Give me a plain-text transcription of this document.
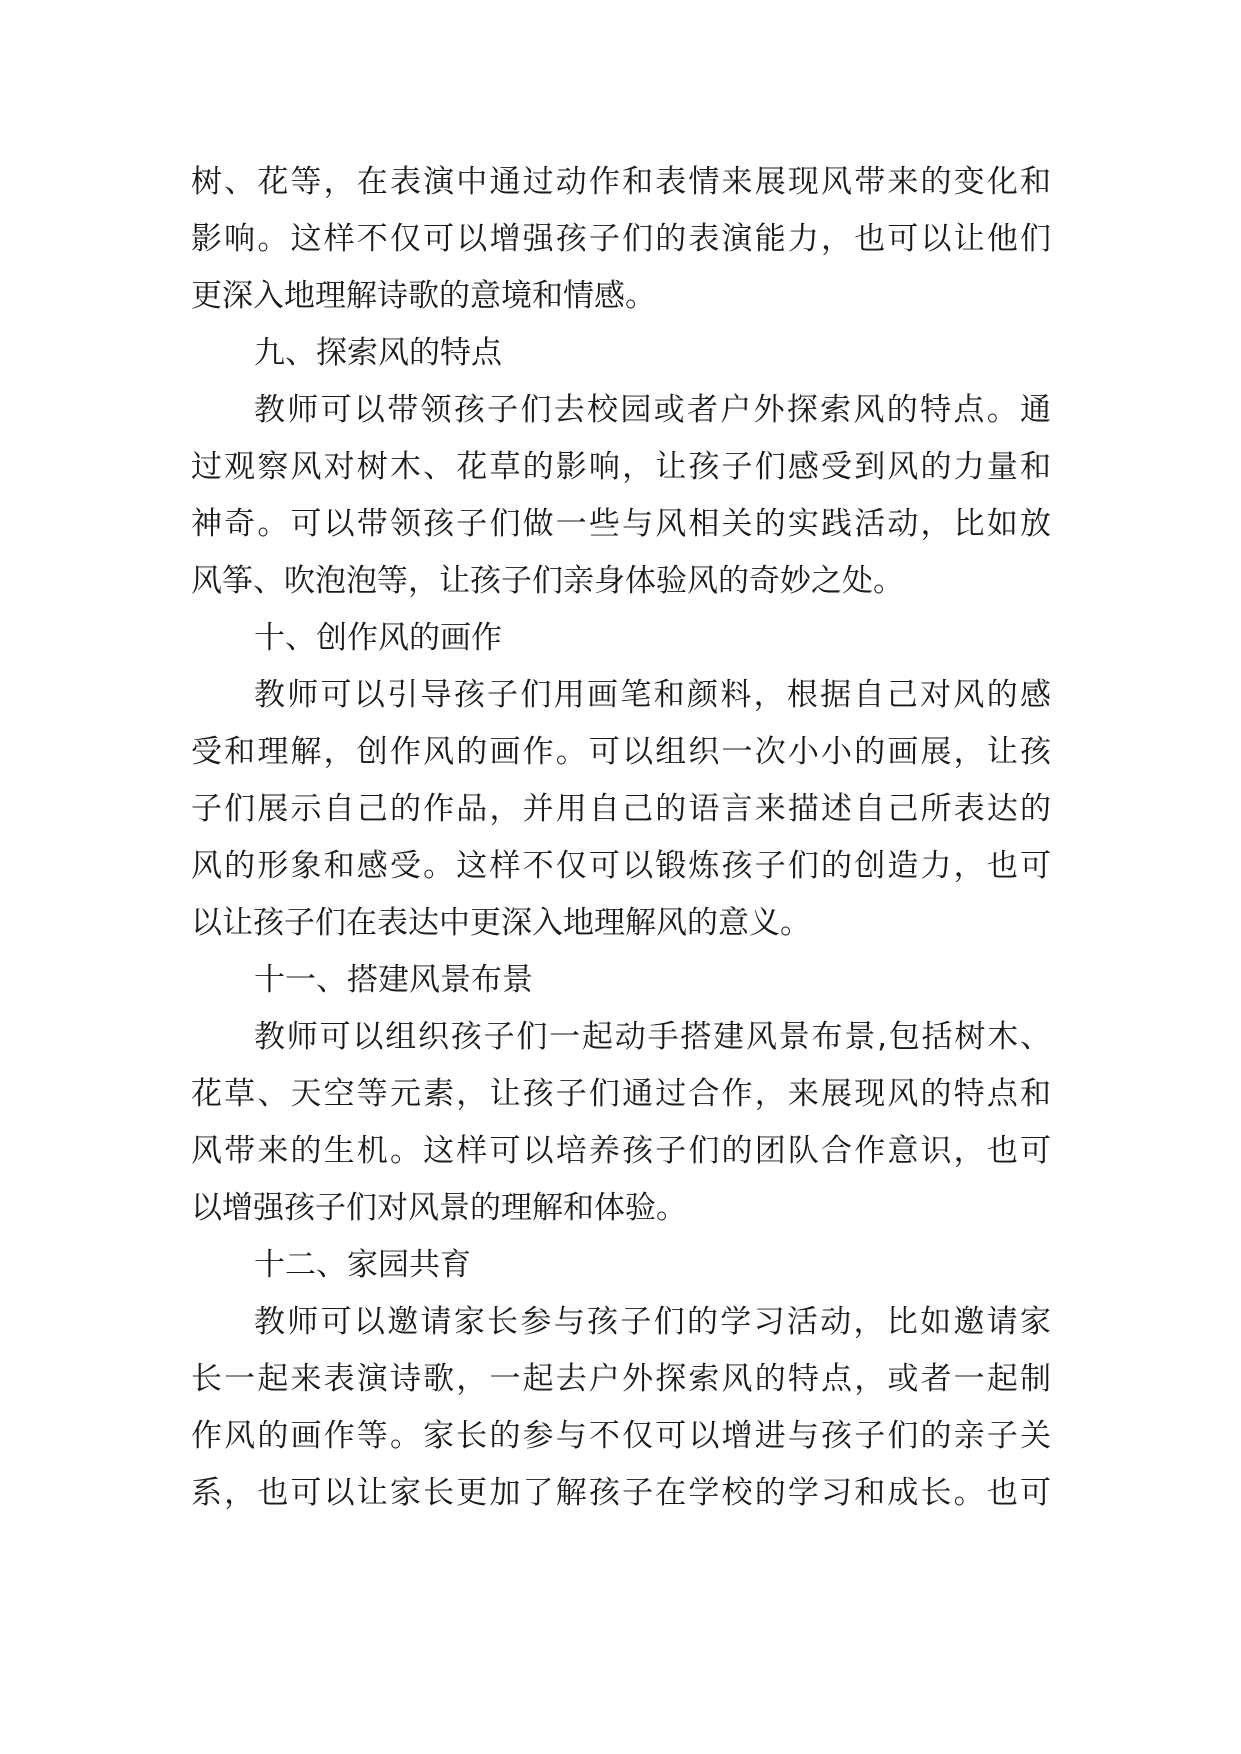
树、花等，在表演中通过动作和表情来展现风带来的变化和
影响。这样不仅可以增强孩子们的表演能力，也可以让他们
更深入地理解诗歌的意境和情感。
九、探索风的特点
教师可以带领孩子们去校园或者户外探索风的特点。通
过观察风对树木、花草的影响，让孩子们感受到风的力量和
神奇。可以带领孩子们做一些与风相关的实践活动，比如放
风筝、吹泡泡等，让孩子们亲身体验风的奇妙之处。
十、创作风的画作
教师可以引导孩子们用画笔和颜料，根据自己对风的感
受和理解，创作风的画作。可以组织一次小小的画展，让孩
子们展示自己的作品，并用自己的语言来描述自己所表达的
风的形象和感受。这样不仅可以锻炼孩子们的创造力，也可
以让孩子们在表达中更深入地理解风的意义。
十一、搭建风景布景
教师可以组织孩子们一起动手搭建风景布景,包括树木、
花草、天空等元素，让孩子们通过合作，来展现风的特点和
风带来的生机。这样可以培养孩子们的团队合作意识，也可
以增强孩子们对风景的理解和体验。
十二、家园共育
教师可以邀请家长参与孩子们的学习活动，比如邀请家
长一起来表演诗歌，一起去户外探索风的特点，或者一起制
作风的画作等。家长的参与不仅可以增进与孩子们的亲子关
系，也可以让家长更加了解孩子在学校的学习和成长。也可
